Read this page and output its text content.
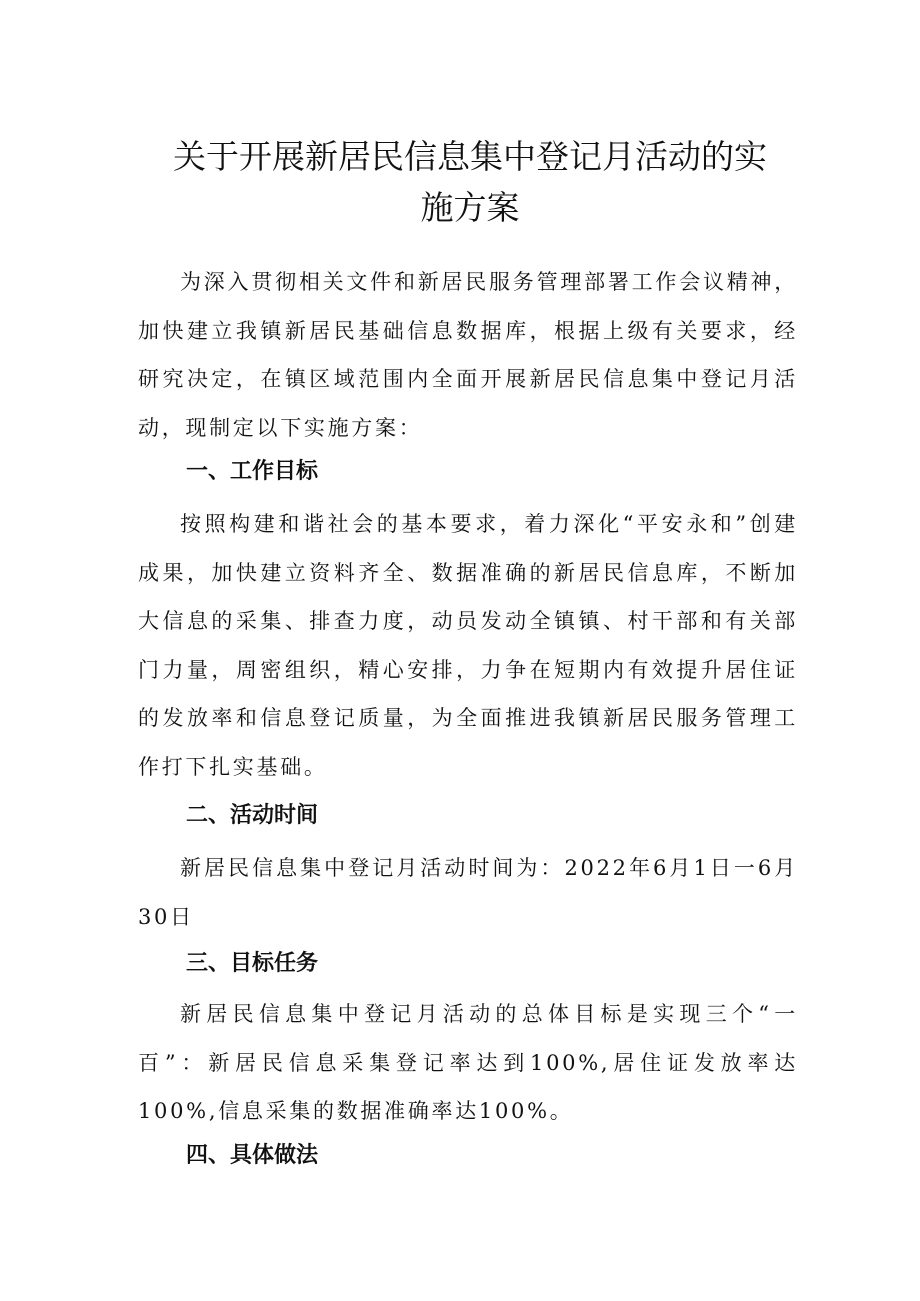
关于开展新居民信息集中登记月活动的实
施方案

为深入贯彻相关文件和新居民服务管理部署工作会议精神，加快建立我镇新居民基础信息数据库，根据上级有关要求，经研究决定，在镇区域范围内全面开展新居民信息集中登记月活动，现制定以下实施方案：

一、工作目标

按照构建和谐社会的基本要求，着力深化“平安永和”创建成果，加快建立资料齐全、数据准确的新居民信息库，不断加大信息的采集、排查力度，动员发动全镇镇、村干部和有关部门力量，周密组织，精心安排，力争在短期内有效提升居住证的发放率和信息登记质量，为全面推进我镇新居民服务管理工作打下扎实基础。

二、活动时间

新居民信息集中登记月活动时间为：2022年6月1日一6月30日

三、目标任务

新居民信息集中登记月活动的总体目标是实现三个“一百”：新居民信息采集登记率达到100%,居住证发放率达100%,信息采集的数据准确率达100%。

四、具体做法
